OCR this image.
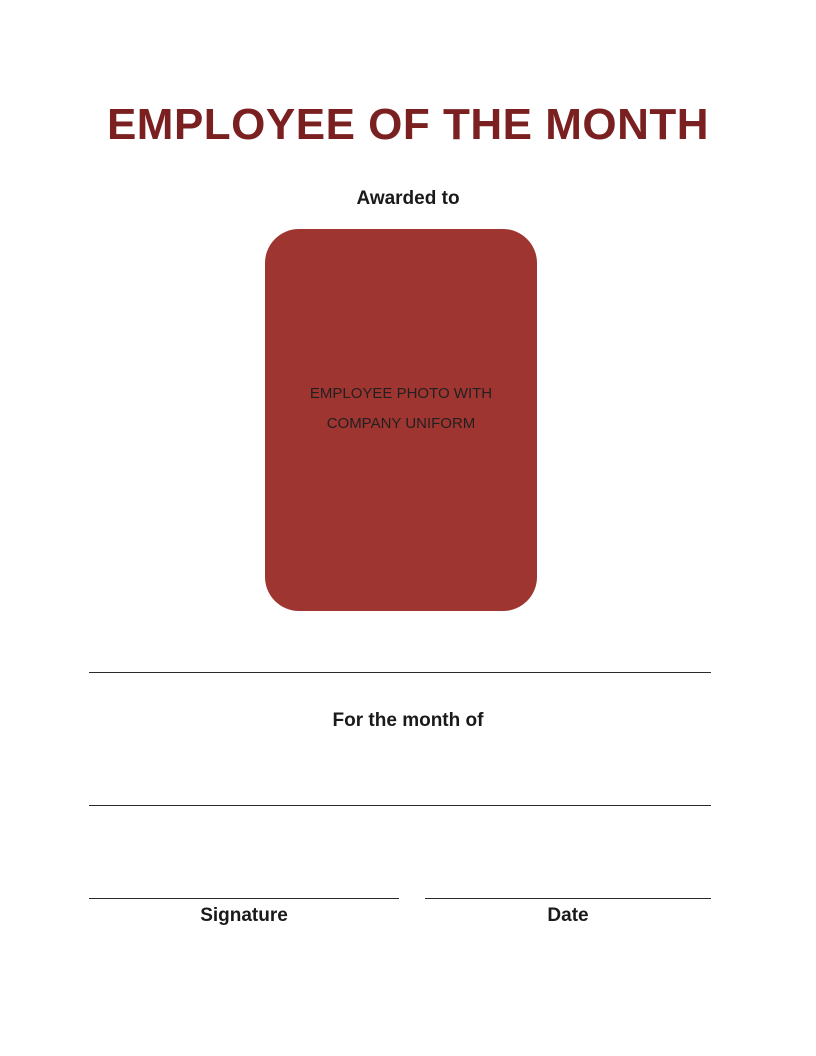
EMPLOYEE OF THE MONTH
Awarded to
EMPLOYEE PHOTO WITH
COMPANY UNIFORM
For the month of
Signature	Date
